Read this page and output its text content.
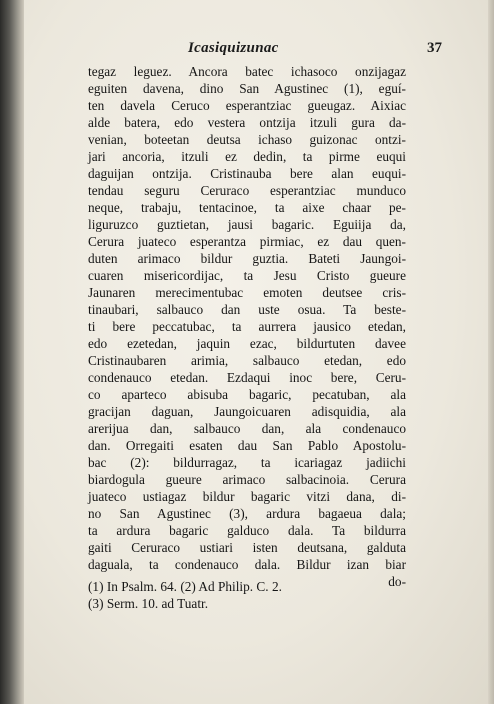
Icasiquizunac	37
tegaz leguez. Ancora batec ichasoco onzijagaz
eguiten davena, dino San Agustinec (1), eguí-
ten davela Ceruco esperantziac gueugaz. Aixiac
alde batera, edo vestera ontzija itzuli gura da-
venian, boteetan deutsa ichaso guizonac ontzi-
jari ancoria, itzuli ez dedin, ta pirme euqui
daguijan ontzija. Cristinauba bere alan euqui-
tendau seguru Ceruraco esperantziac munduco
neque, trabaju, tentacinoe, ta aixe chaar pe-
liguruzco guztietan, jausi bagaric. Eguiija da,
Cerura juateco esperantza pirmiac, ez dau quen-
duten arimaco bildur guztia. Bateti Jaungoi-
cuaren misericordijac, ta Jesu Cristo gueure
Jaunaren merecimentubac emoten deutsee cris-
tinaubari, salbauco dan uste osua. Ta beste-
ti bere peccatubac, ta aurrera jausico etedan,
edo ezetedan, jaquin ezac, bildurtuten davee
Cristinaubaren arimia, salbauco etedan, edo
condenauco etedan. Ezdaqui inoc bere, Ceru-
co aparteco abisuba bagaric, pecatuban, ala
gracijan daguan, Jaungoicuaren adisquidia, ala
arerijua dan, salbauco dan, ala condenauco
dan. Orregaiti esaten dau San Pablo Apostolu-
bac (2): bildurragaz, ta icariagaz jadiichi
biardogula gueure arimaco salbacinoia. Cerura
juateco ustiagaz bildur bagaric vitzi dana, di-
no San Agustinec (3), ardura bagaeua dala;
ta ardura bagaric galduco dala. Ta bildurra
gaiti Ceruraco ustiari isten deutsana, galduta
daguala, ta condenauco dala. Bildur izan biar
do-
(1) In Psalm. 64. (2) Ad Philip. C. 2.
(3) Serm. 10. ad Tuatr.
